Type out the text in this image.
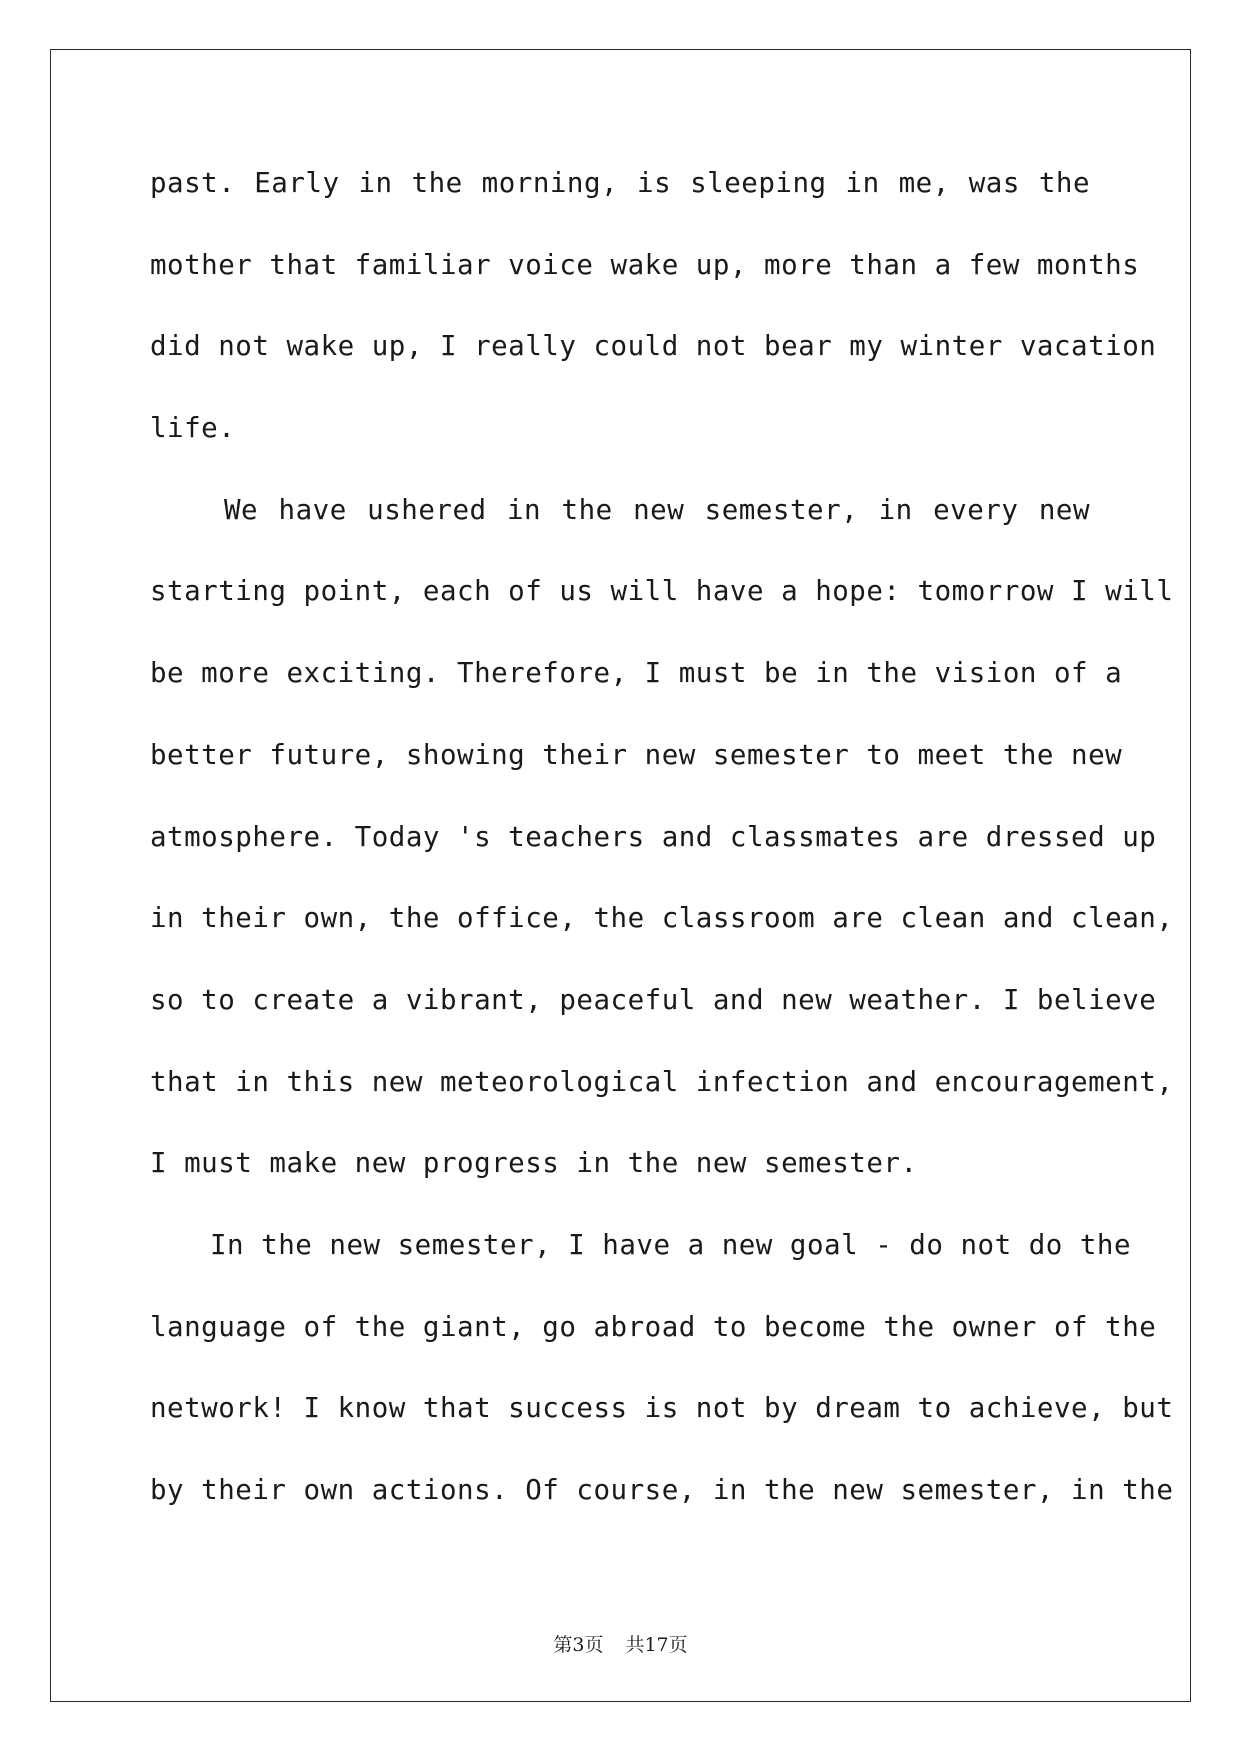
past. Early in the morning, is sleeping in me, was the
mother that familiar voice wake up, more than a few months
did not wake up, I really could not bear my winter vacation
life.
We have ushered in the new semester, in every new
starting point, each of us will have a hope: tomorrow I will
be more exciting. Therefore, I must be in the vision of a
better future, showing their new semester to meet the new
atmosphere. Today 's teachers and classmates are dressed up
in their own, the office, the classroom are clean and clean,
so to create a vibrant, peaceful and new weather. I believe
that in this new meteorological infection and encouragement,
I must make new progress in the new semester.
In the new semester, I have a new goal - do not do the
language of the giant, go abroad to become the owner of the
network! I know that success is not by dream to achieve, but
by their own actions. Of course, in the new semester, in the
第3页 共17页
